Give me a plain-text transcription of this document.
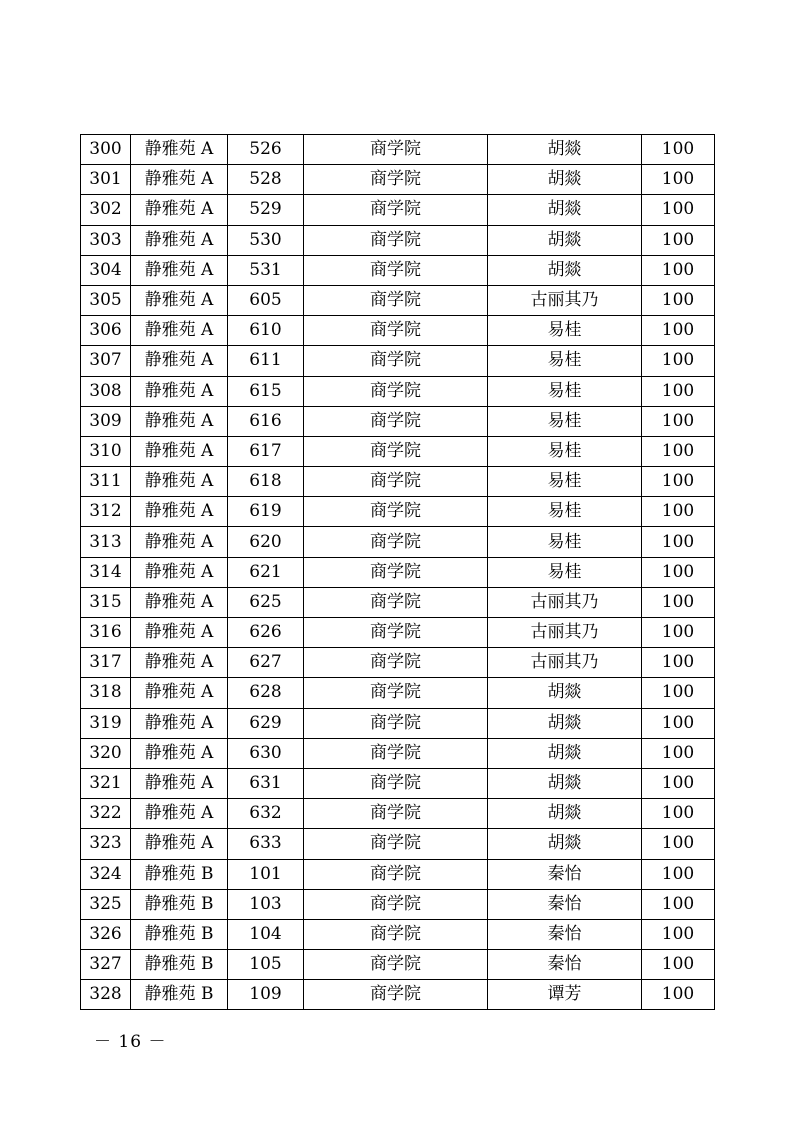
300	静雅苑 A	526	商学院	胡燚	100
301	静雅苑 A	528	商学院	胡燚	100
302	静雅苑 A	529	商学院	胡燚	100
303	静雅苑 A	530	商学院	胡燚	100
304	静雅苑 A	531	商学院	胡燚	100
305	静雅苑 A	605	商学院	古丽其乃	100
306	静雅苑 A	610	商学院	易桂	100
307	静雅苑 A	611	商学院	易桂	100
308	静雅苑 A	615	商学院	易桂	100
309	静雅苑 A	616	商学院	易桂	100
310	静雅苑 A	617	商学院	易桂	100
311	静雅苑 A	618	商学院	易桂	100
312	静雅苑 A	619	商学院	易桂	100
313	静雅苑 A	620	商学院	易桂	100
314	静雅苑 A	621	商学院	易桂	100
315	静雅苑 A	625	商学院	古丽其乃	100
316	静雅苑 A	626	商学院	古丽其乃	100
317	静雅苑 A	627	商学院	古丽其乃	100
318	静雅苑 A	628	商学院	胡燚	100
319	静雅苑 A	629	商学院	胡燚	100
320	静雅苑 A	630	商学院	胡燚	100
321	静雅苑 A	631	商学院	胡燚	100
322	静雅苑 A	632	商学院	胡燚	100
323	静雅苑 A	633	商学院	胡燚	100
324	静雅苑 B	101	商学院	秦怡	100
325	静雅苑 B	103	商学院	秦怡	100
326	静雅苑 B	104	商学院	秦怡	100
327	静雅苑 B	105	商学院	秦怡	100
328	静雅苑 B	109	商学院	谭芳	100
－ 16 －
